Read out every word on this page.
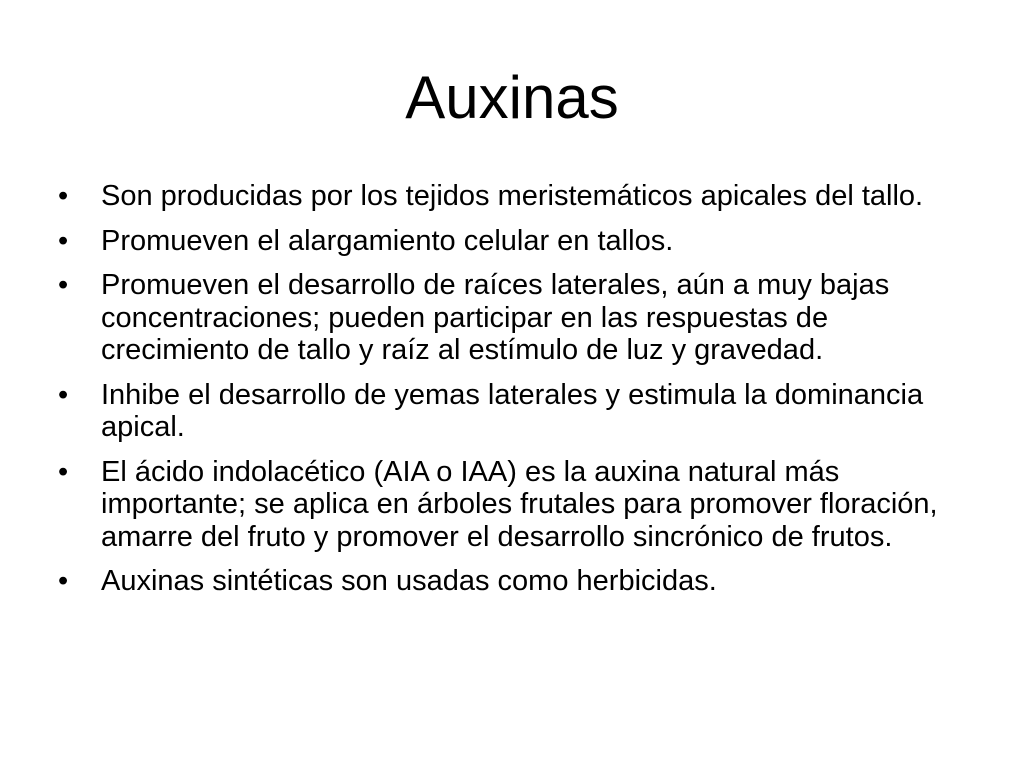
Auxinas
•	Son producidas por los tejidos meristemáticos apicales del tallo.
•	Promueven el alargamiento celular en tallos.
•	Promueven el desarrollo de raíces laterales, aún a muy bajas concentraciones; pueden participar en las respuestas de crecimiento de tallo y raíz al estímulo de luz y gravedad.
•	Inhibe el desarrollo de yemas laterales y estimula la dominancia apical.
•	El ácido indolacético (AIA o IAA) es la auxina natural más importante; se aplica en árboles frutales para promover floración, amarre del fruto y promover el desarrollo sincrónico de frutos.
•	Auxinas sintéticas son usadas como herbicidas.
